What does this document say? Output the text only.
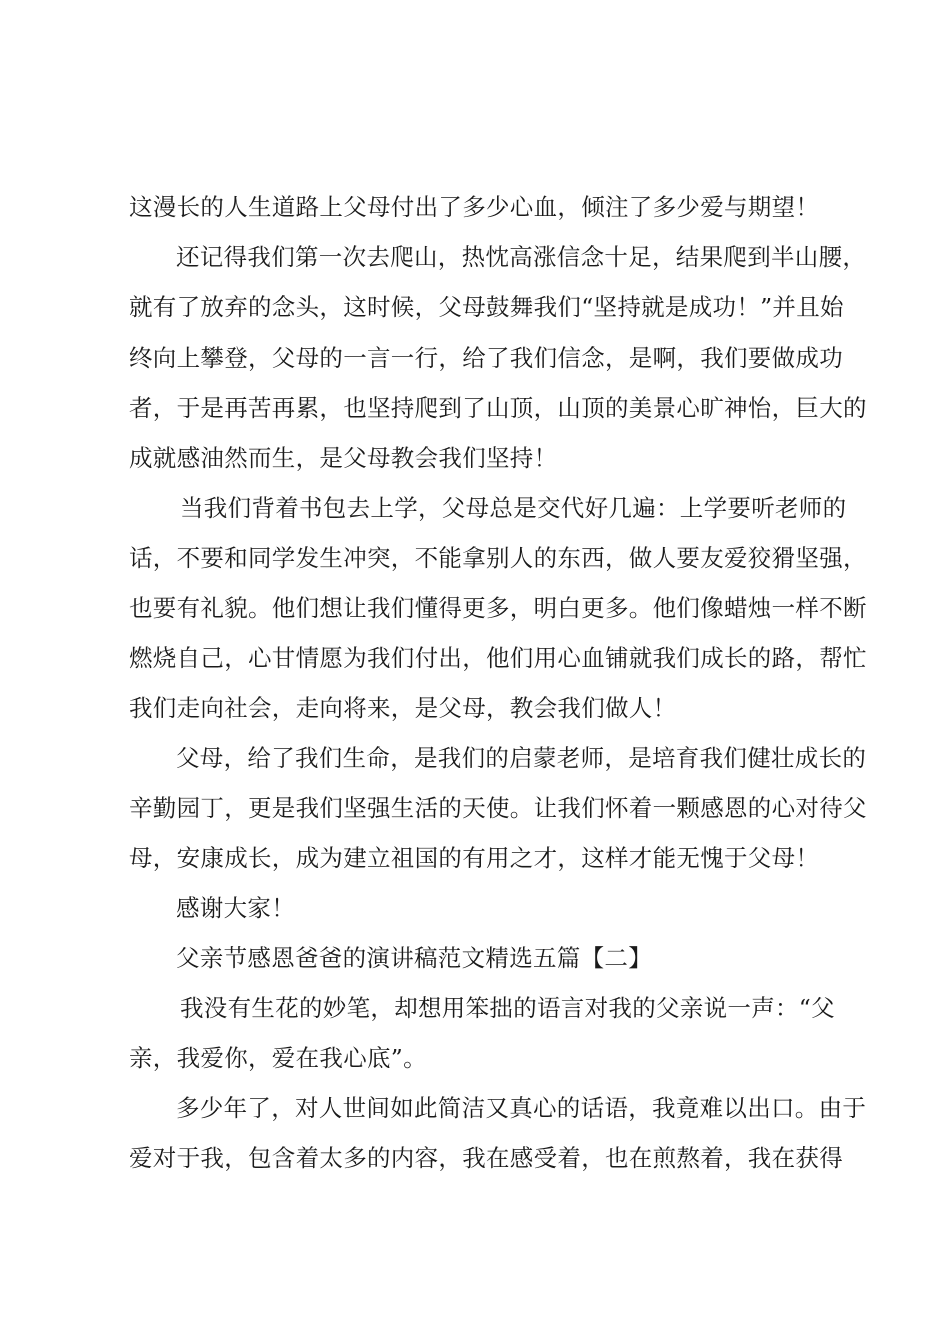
这漫长的人生道路上父母付出了多少心血，倾注了多少爱与期望！
还记得我们第一次去爬山，热忱高涨信念十足，结果爬到半山腰，
就有了放弃的念头，这时候，父母鼓舞我们“坚持就是成功！”并且始
终向上攀登，父母的一言一行，给了我们信念，是啊，我们要做成功
者，于是再苦再累，也坚持爬到了山顶，山顶的美景心旷神怡，巨大的
成就感油然而生，是父母教会我们坚持！
当我们背着书包去上学，父母总是交代好几遍：上学要听老师的
话，不要和同学发生冲突，不能拿别人的东西，做人要友爱狡猾坚强，
也要有礼貌。他们想让我们懂得更多，明白更多。他们像蜡烛一样不断
燃烧自己，心甘情愿为我们付出，他们用心血铺就我们成长的路，帮忙
我们走向社会，走向将来，是父母，教会我们做人！
父母，给了我们生命，是我们的启蒙老师，是培育我们健壮成长的
辛勤园丁，更是我们坚强生活的天使。让我们怀着一颗感恩的心对待父
母，安康成长，成为建立祖国的有用之才，这样才能无愧于父母！
感谢大家！
父亲节感恩爸爸的演讲稿范文精选五篇【二】
我没有生花的妙笔，却想用笨拙的语言对我的父亲说一声：“父
亲，我爱你，爱在我心底”。
多少年了，对人世间如此简洁又真心的话语，我竟难以出口。由于
爱对于我，包含着太多的内容，我在感受着，也在煎熬着，我在获得
